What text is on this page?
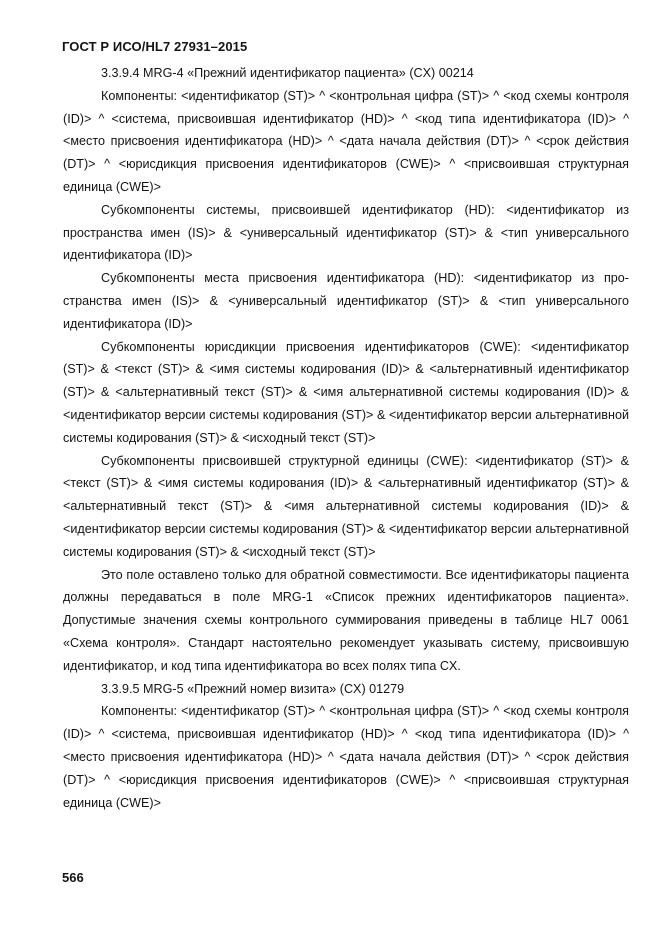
ГОСТ Р ИСО/HL7 27931–2015

3.3.9.4 MRG-4 «Прежний идентификатор пациента» (CX) 00214

Компоненты: <идентификатор (ST)> ^ <контрольная цифра (ST)> ^ <код схемы контроля (ID)> ^ <система, присвоившая идентификатор (HD)> ^ <код типа идентификатора (ID)> ^ <место присвоения идентификатора (HD)> ^ <дата начала действия (DT)> ^ <срок действия (DT)> ^ <юрисдикция присвоения идентификаторов (CWE)> ^ <присвоившая структурная единица (CWE)>

Субкомпоненты системы, присвоившей идентификатор (HD): <идентификатор из пространства имен (IS)> & <универсальный идентификатор (ST)> & <тип универсального идентификатора (ID)>

Субкомпоненты места присвоения идентификатора (HD): <идентификатор из пространства имен (IS)> & <универсальный идентификатор (ST)> & <тип универсального идентификатора (ID)>

Субкомпоненты юрисдикции присвоения идентификаторов (CWE): <идентификатор (ST)> & <текст (ST)> & <имя системы кодирования (ID)> & <альтернативный идентификатор (ST)> & <альтернативный текст (ST)> & <имя альтернативной системы кодирования (ID)> & <идентификатор версии системы кодирования (ST)> & <идентификатор версии альтернативной системы кодирования (ST)> & <исходный текст (ST)>

Субкомпоненты присвоившей структурной единицы (CWE): <идентификатор (ST)> & <текст (ST)> & <имя системы кодирования (ID)> & <альтернативный идентификатор (ST)> & <альтернативный текст (ST)> & <имя альтернативной системы кодирования (ID)> & <идентификатор версии системы кодирования (ST)> & <идентификатор версии альтернативной системы кодирования (ST)> & <исходный текст (ST)>

Это поле оставлено только для обратной совместимости. Все идентификаторы пациента должны передаваться в поле MRG-1 «Список прежних идентификаторов пациента». Допустимые значения схемы контрольного суммирования приведены в таблице HL7 0061 «Схема контроля». Стандарт настоятельно рекомендует указывать систему, присвоившую идентификатор, и код типа идентификатора во всех полях типа CX.

3.3.9.5 MRG-5 «Прежний номер визита» (CX) 01279

Компоненты: <идентификатор (ST)> ^ <контрольная цифра (ST)> ^ <код схемы контроля (ID)> ^ <система, присвоившая идентификатор (HD)> ^ <код типа идентификатора (ID)> ^ <место присвоения идентификатора (HD)> ^ <дата начала действия (DT)> ^ <срок действия (DT)> ^ <юрисдикция присвоения идентификаторов (CWE)> ^ <присвоившая структурная единица (CWE)>

566
